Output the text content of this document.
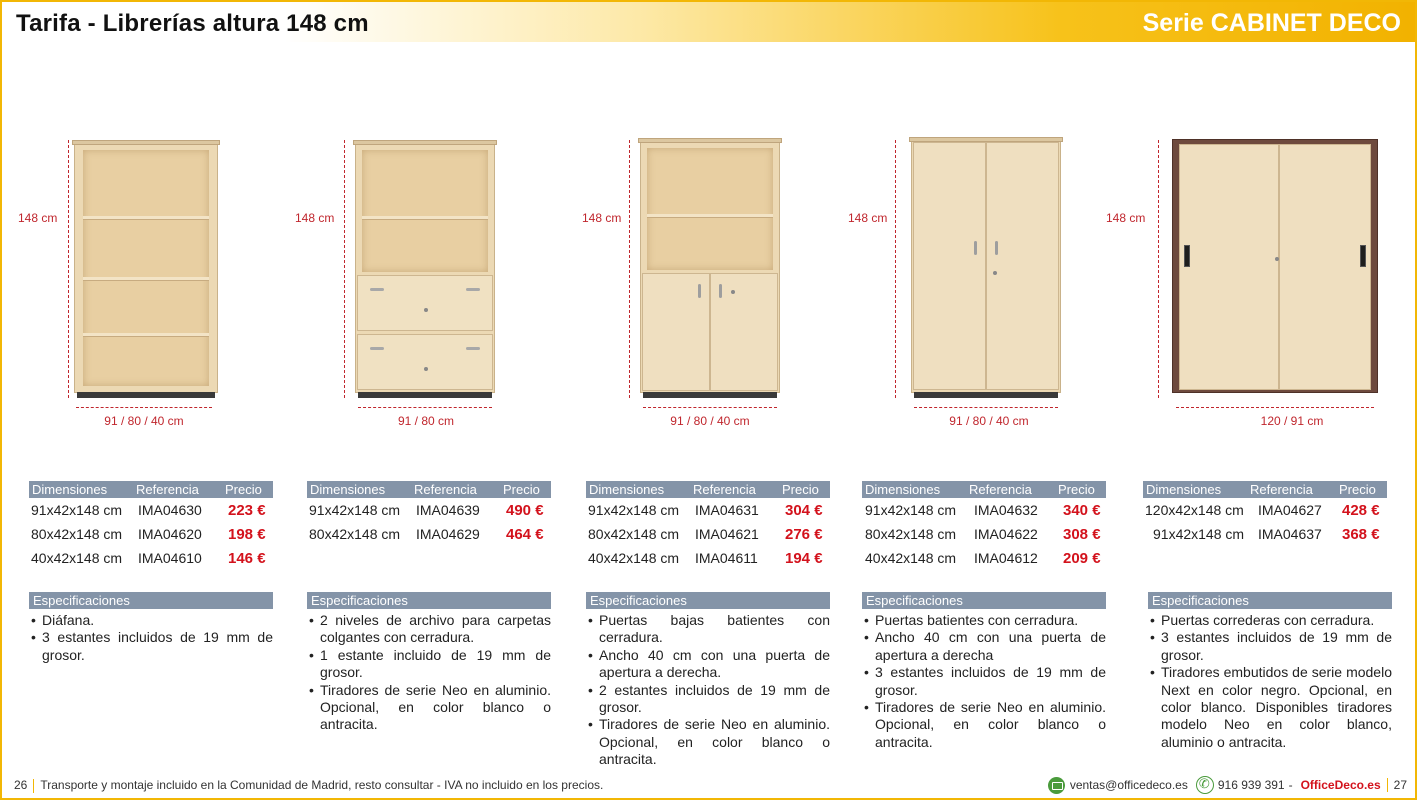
Tarifa - Librerías altura 148 cm	Serie CABINET DECO
148 cm
91 / 80 / 40 cm
148 cm
91 / 80 cm
148 cm
91 / 80 / 40 cm
148 cm
91 / 80 / 40 cm
148 cm
120 / 91 cm
Dimensiones Referencia Precio
91x42x148 cm IMA04630 223 €
80x42x148 cm IMA04620 198 €
40x42x148 cm IMA04610 146 €
Dimensiones Referencia Precio
91x42x148 cm IMA04639 490 €
80x42x148 cm IMA04629 464 €
Dimensiones Referencia Precio
91x42x148 cm IMA04631 304 €
80x42x148 cm IMA04621 276 €
40x42x148 cm IMA04611 194 €
Dimensiones Referencia Precio
91x42x148 cm IMA04632 340 €
80x42x148 cm IMA04622 308 €
40x42x148 cm IMA04612 209 €
Dimensiones Referencia Precio
120x42x148 cm IMA04627 428 €
91x42x148 cm IMA04637 368 €
Especificaciones
• Diáfana.
• 3 estantes incluidos de 19 mm de grosor.
Especificaciones
• 2 niveles de archivo para carpetas colgantes con cerradura.
• 1 estante incluido de 19 mm de grosor.
• Tiradores de serie Neo en aluminio. Opcional, en color blanco o antracita.
Especificaciones
• Puertas bajas batientes con cerradura.
• Ancho 40 cm con una puerta de apertura a derecha.
• 2 estantes incluidos de 19 mm de grosor.
• Tiradores de serie Neo en aluminio. Opcional, en color blanco o antracita.
Especificaciones
• Puertas batientes con cerradura.
• Ancho 40 cm con una puerta de apertura a derecha
• 3 estantes incluidos de 19 mm de grosor.
• Tiradores de serie Neo en aluminio. Opcional, en color blanco o antracita.
Especificaciones
• Puertas correderas con cerradura.
• 3 estantes incluidos de 19 mm de grosor.
• Tiradores embutidos de serie modelo Next en color negro. Opcional, en color blanco. Disponibles tiradores modelo Neo en color blanco, aluminio o antracita.
26 Transporte y montaje incluido en la Comunidad de Madrid, resto consultar - IVA no incluido en los precios.	ventas@officedeco.es
✆	916 939 391 - OfficeDeco.es 27
